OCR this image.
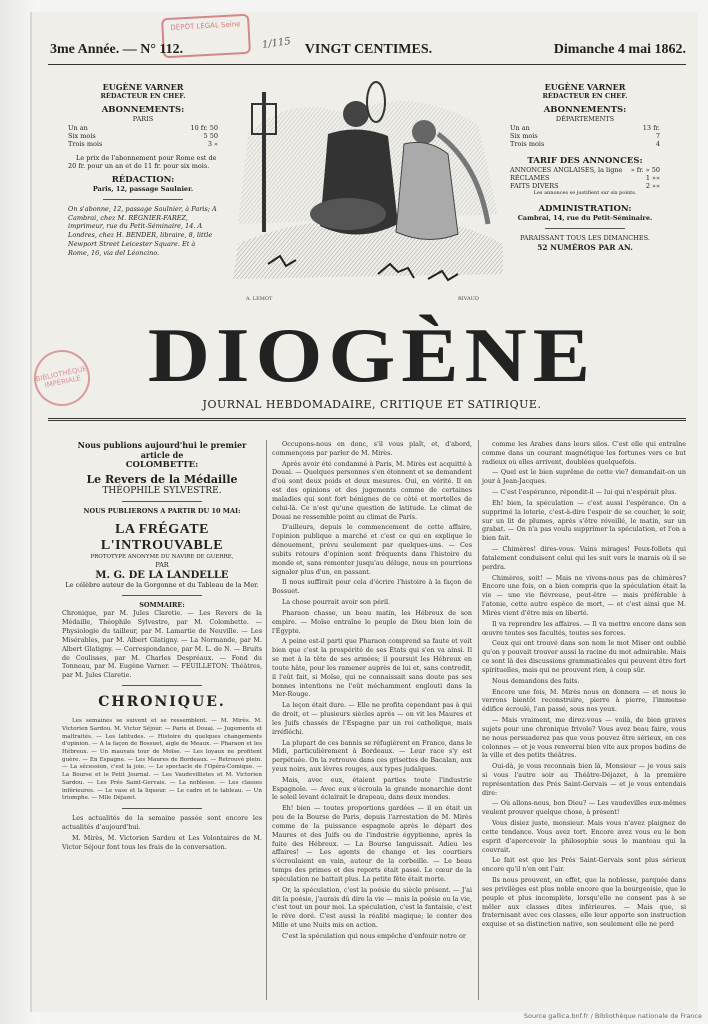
DÉPÔT LÉGAL Seine
1/115
3me Année. — N° 112.	VINGT CENTIMES.	Dimanche 4 mai 1862.
EUGÈNE VARNER
RÉDACTEUR EN CHEF.
ABONNEMENTS:
PARIS
Un an	10 fr. 50
Six mois	5 50
Trois mois	3 »
Le prix de l'abonnement pour Rome est de 20 fr. pour un an et de 11 fr. pour six mois.
RÉDACTION:
Paris, 12, passage Saulnier.
On s'abonne, 12, passage Saulnier, à Paris; A Cambrai, chez M. RÉGNIER-FAREZ, imprimeur, rue du Petit-Séminaire, 14. A Londres, chez H. BENDER, libraire, 8, little Newport Street Leicester Square. Et à Rome, 16, via del Léoncino.
A. LEMOT	RIVAUD
EUGÈNE VARNER
RÉDACTEUR EN CHEF.
ABONNEMENTS:
DÉPARTEMENTS
Un an	13 fr.
Six mois	7
Trois mois	4
TARIF DES ANNONCES:
ANNONCES ANGLAISES, la ligne » fr. » 50
RÉCLAMES	1 »»
FAITS DIVERS	2 »»
Les annonces se justifient sur six points.
ADMINISTRATION:
Cambrai, 14, rue du Petit-Séminaire.
PARAISSANT TOUS LES DIMANCHES.
52 NUMÉROS PAR AN.
BIBLIOTHÈQUE IMPÉRIALE DIOGÈNE
JOURNAL HEBDOMADAIRE, CRITIQUE ET SATIRIQUE.
Nous publions aujourd'hui le premier article de
COLOMBETTE:
Le Revers de la Médaille
THÉOPHILE SYLVESTRE.
NOUS PUBLIERONS A PARTIR DU 10 MAI:
LA FRÉGATE L'INTROUVABLE
PROTOTYPE ANONYME DU NAVIRE DE GUERRE,
PAR
M. G. DE LA LANDELLE
Le célèbre auteur de la Gorgonne et du Tableau de la Mer.
SOMMAIRE:
Chronique, par M. Jules Claretie. — Les Revers de la Médaille, Théophile Sylvestre, par M. Colombette. — Physiologie du tailleur, par M. Lamartie de Neuville. — Les Misérables, par M. Albert Glatigny. — La Normande, par M. Albert Glatigny. — Correspondance, par M. L. de N. — Bruits de Coulisses, par M. Charles Despréaux. — Fond du Tonneau, par M. Eugène Varner. — FEUILLETON: Théâtres, par M. Jules Claretie.
CHRONIQUE.
Les semaines se suivent et se ressemblent. — M. Mirès. M. Victorien Sardou. M. Victor Séjour. — Paris et Douai. — Jugements et maltraités. — Les latitudes. — Histoire du quelques changements d'opinion. — A la façon de Bossuet, aigle de Meaux. — Pharaon et les Hébreux. — Un mauvais tour de Moïse. — Les loyaux ne profitent guère. — En Espagne. — Les Maures de Bordeaux. — Retrouvé plein. — La sécession, c'est la joie. — Le spectacle de l'Opéra-Comique. — La Bourse et le Petit Journal. — Les Vaudevillistes et M. Victorien Sardou. — Les Prés Saint-Gervais. — La noblesse. — Les classes inférieures. — Le vase et la liqueur. — Le cadre et le tableau. — Un triomphe. — Mlle Déjazet.
Les actualités de la semaine passée sont encore les actualités d'aujourd'hui.
M. Mirès, M. Victorien Sardou et Les Volontaires de M. Victor Séjour font tous les frais de la conversation.

Occupons-nous en donc, s'il vous plaît, et, d'abord, commençons par parler de M. Mirès.

Après avoir été condamné à Paris, M. Mirès est acquitté à Douai. — Quelques personnes s'en étonnent et se demandent d'où sont deux poids et deux mesures. Oui, en vérité. Il en est des opinions et des jugements comme de certaines maladies qui sont fort bénignes de ce côté et mortelles de celui-là. Ce n'est qu'une question de latitude. Le climat de Douai ne ressemble point au climat de Paris.

D'ailleurs, depuis le commencement de cette affaire, l'opinion publique a marché et c'est ce qui en explique le dénouement, prévu seulement par quelques-uns. — Ces subits retours d'opinion sont fréquents dans l'histoire du monde et, sans remonter jusqu'au déluge, nous en pourrions signaler plus d'un, en passant.

Il nous suffirait pour cela d'écrire l'histoire à la façon de Bossuet.

La chose pourrait avoir son péril.

Pharaon chasse, un beau matin, les Hébreux de son empire. — Moïse entraîne le peuple de Dieu bien loin de l'Égypte.

A peine est-il parti que Pharaon comprend sa faute et voit bien que c'est la prospérité de ses États qui s'en va ainsi. Il se met à la tête de ses armées; il poursuit les Hébreux en toute hâte, pour les ramener auprès de lui et, sans contredit, il l'eût fait, si Moïse, qui ne connaissait sans doute pas ses bonnes intentions ne l'eût méchamment englouti dans la Mer-Rouge.

La leçon était dure. — Elle ne profita cependant pas à qui de droit, et — plusieurs siècles après — on vit les Maures et les Juifs chassés de l'Espagne par un roi catholique, mais irréfléchi.

La plupart de ces bannis se réfugièrent en France, dans le Midi, particulièrement à Bordeaux. — Leur race s'y est perpétuée. On la retrouve dans ces grisettes de Bacalan, aux yeux noirs, aux lèvres rouges, aux types judaïques.

Mais, avec eux, étaient parties toute l'industrie Espagnole. — Avec eux s'écroula la grande monarchie dont le soleil levant éclairait le drapeau, dans deux mondes.

Eh! bien — toutes proportions gardées — il en était un peu de la Bourse de Paris, depuis l'arrestation de M. Mirès comme de la puissance espagnole après le départ des Maures et des Juifs ou de l'industrie égyptienne, après la fuite des Hébreux. — La Bourse languissait. Adieu les affaires! — Les agents de change et les courtiers s'écroulaient en vain, autour de la corbeille. — Le beau temps des primes et des reports était passé. Le cœur de la spéculation ne battait plus. La petite fête était morte.

Or, la spéculation, c'est la poésie du siècle présent. — J'ai dit la poésie, j'aurais dû dire la vie — mais la poésie ou la vie, c'est tout un pour moi. La spéculation, c'est la fantaisie, c'est le rêve doré. C'est aussi la réalité magique; le conter des Mille et une Nuits mis en action.

C'est la spéculation qui nous empêche d'enfouir notre or

comme les Arabes dans leurs silos. C'est elle qui entraîne comme dans un courant magnétique les fortunes vers ce but radieux où elles arrivent, doublées quelquefois.

— Quel est le bien suprême de cette vie? demandait-on un jour à Jean-Jacques.

— C'est l'espérance, répondit-il — lui qui n'espérait plus.

Eh! bien, la spéculation — c'est aussi l'espérance. On a supprimé la loterie, c'est-à-dire l'espoir de se coucher, le soir, sur un lit de plumes, après s'être réveillé, le matin, sur un grabat. — On n'a pas voulu supprimer la spéculation, et l'on a bien fait.

— Chimères! dires-vous. Vains mirages! Feux-follets qui fatalement conduisent celui qui les suit vers le marais où il se perdra.

Chimères, soit! — Mais ne vivons-nous pas de chimères? Encore une fois, on a bien compris que la spéculation était la vie — une vie fiévreuse, peut-être — mais préférable à l'atonie, cette autre espèce de mort, — et c'est ainsi que M. Mirès vient d'être mis en liberté.

Il va reprendre les affaires. — Il va mettre encore dans son œuvre toutes ses facultés, toutes ses forces.

Ceux qui ont trouvé dans son nom le mot Miser ont oublié qu'on y pouvait trouver aussi la racine du mot admirable. Mais ce sont là des discussions grammaticales qui peuvent être fort spirituelles, mais qui ne prouvent rien, à coup sûr.

Nous demandons des faits.

Encore une fois, M. Mirès nous en donnera — et nous le verrons bientôt reconstruire, pierre à pierre, l'immense édifice écroulé, l'an passé, sous nos yeux.

— Mais vraiment, me direz-vous — voilà, de bien graves sujets pour une chronique frivole? Vous avez beau faire, vous ne nous persuaderez pas que vous pouvez être sérieux, en ces colonnes — et je vous renverrai bien vite aux propos badins de la ville et des petits théâtres.

Oui-dà, je vous reconnais bien là, Monsieur — je vous sais si vous l'autre soir au Théâtre-Déjazet, à la première représentation des Prés Saint-Gervais — et je vous entendais dire:

— Où allons-nous, bon Dieu? — Les vaudevilles eux-mêmes veulent prouver quelque chose, à présent!

Vous disiez juste, monsieur. Mais vous n'avez plaignez de cette tendance. Vous avez tort. Encore avez vous eu le bon esprit d'apercevoir la philosophie sous le manteau qui la couvrait.

Le fait est que les Prés Saint-Gervais sont plus sérieux encore qu'il n'en ont l'air.

Ils nous prouvent, en effet, que la noblesse, parquée dans ses privilèges est plus noble encore que la bourgeoisie, que le peuple et plus incomplète, lorsqu'elle ne consent pas à se mêler aux classes dites inférieures. — Mais que, si fraternisant avec ces classes, elle leur apporte son instruction exquise et sa distinction native, son seulement elle ne perd

Source gallica.bnf.fr / Bibliothèque nationale de France
